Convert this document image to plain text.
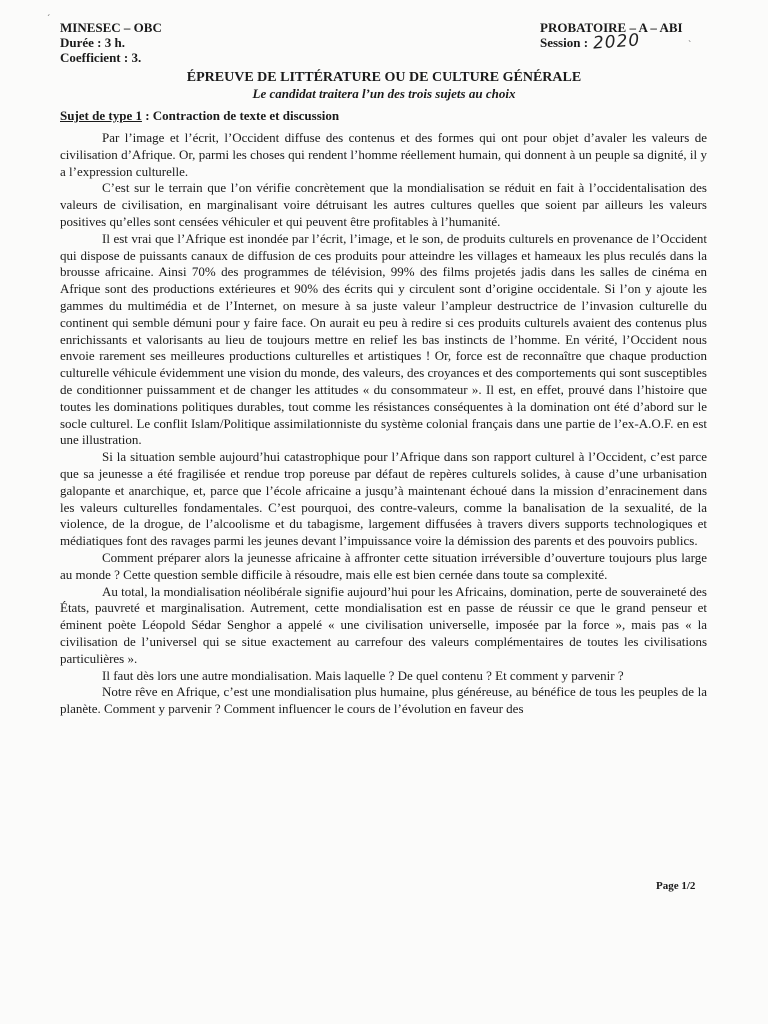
´
MINESEC – OBC
Durée : 3 h.
Coefficient : 3.
PROBATOIRE – A – ABI
Session : 2020	`
ÉPREUVE DE LITTÉRATURE OU DE CULTURE GÉNÉRALE
Le candidat traitera l’un des trois sujets au choix
Sujet de type 1 : Contraction de texte et discussion

Par l’image et l’écrit, l’Occident diffuse des contenus et des formes qui ont pour objet d’avaler les valeurs de civilisation d’Afrique. Or, parmi les choses qui rendent l’homme réellement humain, qui donnent à un peuple sa dignité, il y a l’expression culturelle.

C’est sur le terrain que l’on vérifie concrètement que la mondialisation se réduit en fait à l’occidentalisation des valeurs de civilisation, en marginalisant voire détruisant les autres cultures quelles que soient par ailleurs les valeurs positives qu’elles sont censées véhiculer et qui peuvent être profitables à l’humanité.

Il est vrai que l’Afrique est inondée par l’écrit, l’image, et le son, de produits culturels en provenance de l’Occident qui dispose de puissants canaux de diffusion de ces produits pour atteindre les villages et hameaux les plus reculés dans la brousse africaine. Ainsi 70% des programmes de télévision, 99% des films projetés jadis dans les salles de cinéma en Afrique sont des productions extérieures et 90% des écrits qui y circulent sont d’origine occidentale. Si l’on y ajoute les gammes du multimédia et de l’Internet, on mesure à sa juste valeur l’ampleur destructrice de l’invasion culturelle du continent qui semble démuni pour y faire face. On aurait eu peu à redire si ces produits culturels avaient des contenus plus enrichissants et valorisants au lieu de toujours mettre en relief les bas instincts de l’homme. En vérité, l’Occident nous envoie rarement ses meilleures productions culturelles et artistiques ! Or, force est de reconnaître que chaque production culturelle véhicule évidemment une vision du monde, des valeurs, des croyances et des comportements qui sont susceptibles de conditionner puissamment et de changer les attitudes « du consommateur ». Il est, en effet, prouvé dans l’histoire que toutes les dominations politiques durables, tout comme les résistances conséquentes à la domination ont été d’abord sur le socle culturel. Le conflit Islam/Politique assimilationniste du système colonial français dans une partie de l’ex-A.O.F. en est une illustration.

Si la situation semble aujourd’hui catastrophique pour l’Afrique dans son rapport culturel à l’Occident, c’est parce que sa jeunesse a été fragilisée et rendue trop poreuse par défaut de repères culturels solides, à cause d’une urbanisation galopante et anarchique, et, parce que l’école africaine a jusqu’à maintenant échoué dans la mission d’enracinement dans les valeurs culturelles fondamentales. C’est pourquoi, des contre-valeurs, comme la banalisation de la sexualité, de la violence, de la drogue, de l’alcoolisme et du tabagisme, largement diffusées à travers divers supports technologiques et médiatiques font des ravages parmi les jeunes devant l’impuissance voire la démission des parents et des pouvoirs publics.

Comment préparer alors la jeunesse africaine à affronter cette situation irréversible d’ouverture toujours plus large au monde ? Cette question semble difficile à résoudre, mais elle est bien cernée dans toute sa complexité.

Au total, la mondialisation néolibérale signifie aujourd’hui pour les Africains, domination, perte de souveraineté des États, pauvreté et marginalisation. Autrement, cette mondialisation est en passe de réussir ce que le grand penseur et éminent poète Léopold Sédar Senghor a appelé « une civilisation universelle, imposée par la force », mais pas « la civilisation de l’universel qui se situe exactement au carrefour des valeurs complémentaires de toutes les civilisations particulières ».

Il faut dès lors une autre mondialisation. Mais laquelle ? De quel contenu ? Et comment y parvenir ?

Notre rêve en Afrique, c’est une mondialisation plus humaine, plus généreuse, au bénéfice de tous les peuples de la planète. Comment y parvenir ? Comment influencer le cours de l’évolution en faveur des

Page 1/2
